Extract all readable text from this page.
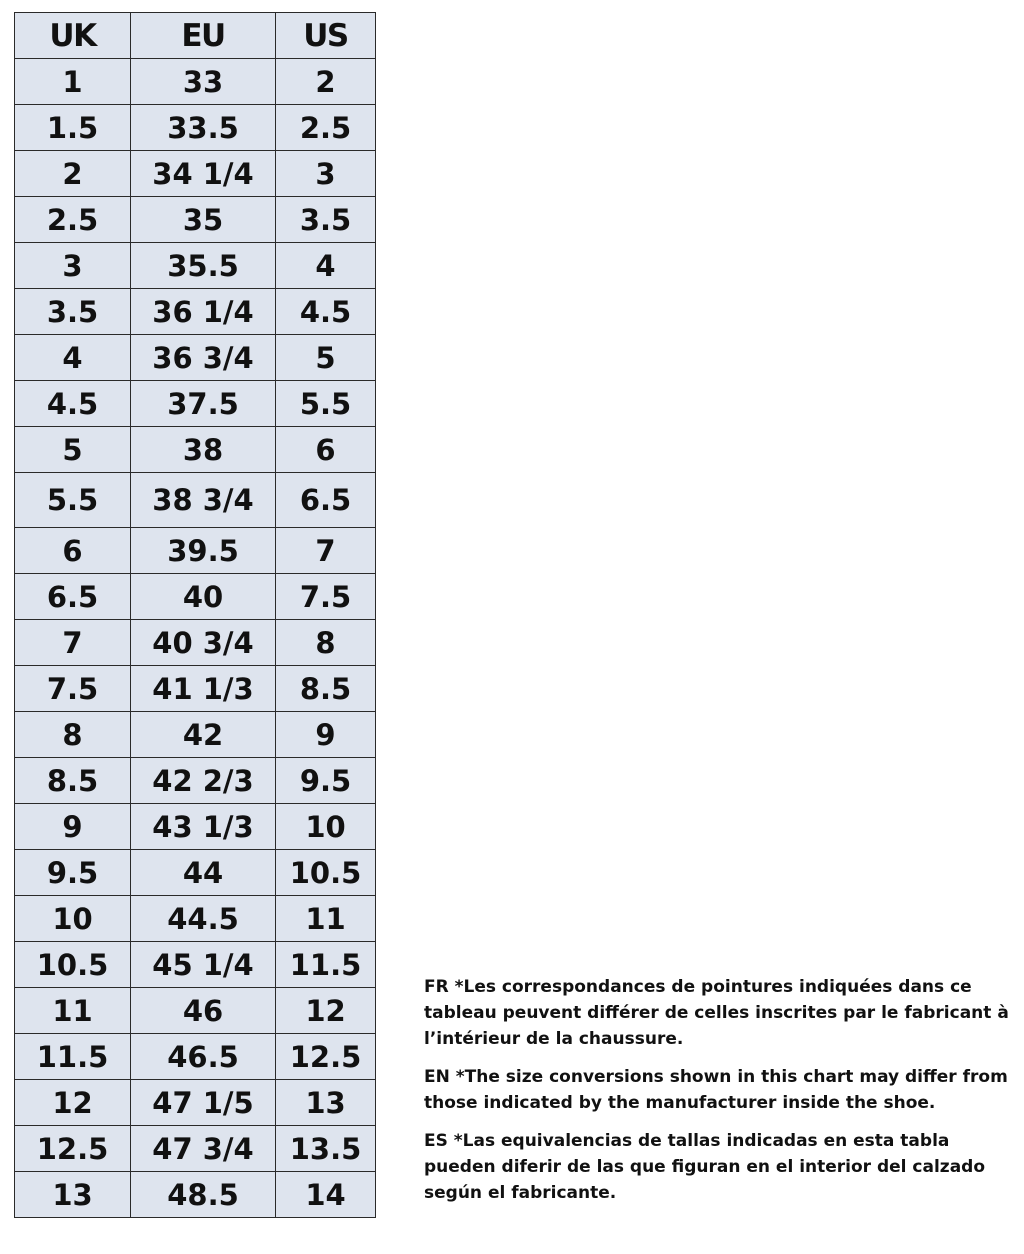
UK	EU	US
1	33	2
1.5	33.5	2.5
2	34 1/4	3
2.5	35	3.5
3	35.5	4
3.5	36 1/4	4.5
4	36 3/4	5
4.5	37.5	5.5
5	38	6
5.5	38 3/4	6.5
6	39.5	7
6.5	40	7.5
7	40 3/4	8
7.5	41 1/3	8.5
8	42	9
8.5	42 2/3	9.5
9	43 1/3	10
9.5	44	10.5
10	44.5	11
10.5	45 1/4	11.5
11	46	12
11.5	46.5	12.5
12	47 1/5	13
12.5	47 3/4	13.5
13	48.5	14

FR *Les correspondances de pointures indiquées dans ce tableau peuvent différer de celles inscrites par le fabricant à l’intérieur de la chaussure.

EN *The size conversions shown in this chart may differ from those indicated by the manufacturer inside the shoe.

ES *Las equivalencias de tallas indicadas en esta tabla pueden diferir de las que figuran en el interior del calzado según el fabricante.
